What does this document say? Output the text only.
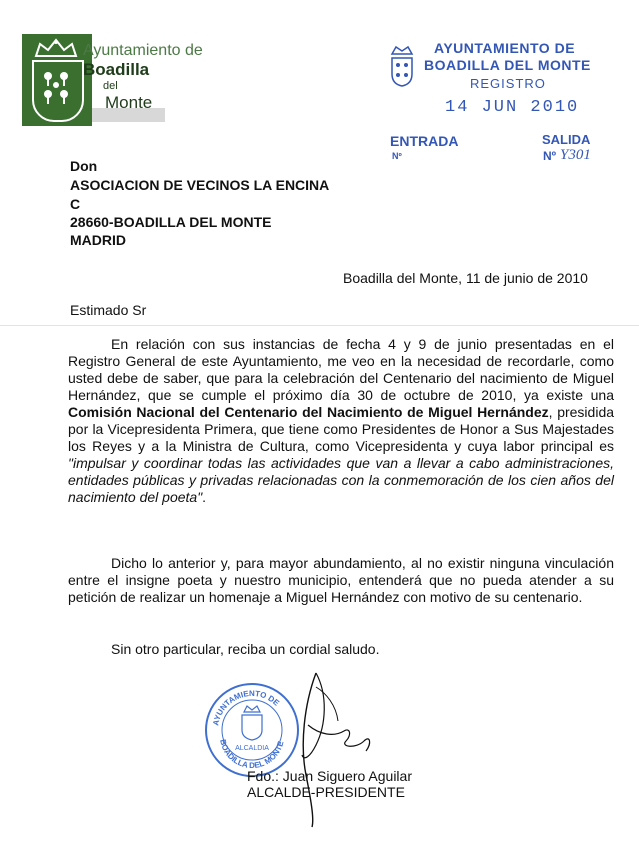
Ayuntamiento de
Boadilla
del
Monte
AYUNTAMIENTO DE
BOADILLA DEL MONTE
REGISTRO
14 JUN 2010
ENTRADA
Nº
SALIDA
Nº Y301
Don
ASOCIACION DE VECINOS LA ENCINA
C
28660-BOADILLA DEL MONTE
MADRID
Boadilla del Monte, 11 de junio de 2010
Estimado Sr
En relación con sus instancias de fecha 4 y 9 de junio presentadas en el Registro General de este Ayuntamiento, me veo en la necesidad de recordarle, como usted debe de saber, que para la celebración del Centenario del nacimiento de Miguel Hernández, que se cumple el próximo día 30 de octubre de 2010, ya existe una Comisión Nacional del Centenario del Nacimiento de Miguel Hernández, presidida por la Vicepresidenta Primera, que tiene como Presidentes de Honor a Sus Majestades los Reyes y a la Ministra de Cultura, como Vicepresidenta y cuya labor principal es "impulsar y coordinar todas las actividades que van a llevar a cabo administraciones, entidades públicas y privadas relacionadas con la conmemoración de los cien años del nacimiento del poeta".
Dicho lo anterior y, para mayor abundamiento, al no existir ninguna vinculación entre el insigne poeta y nuestro municipio, entenderá que no pueda atender a su petición de realizar un homenaje a Miguel Hernández con motivo de su centenario.
Sin otro particular, reciba un cordial saludo.
AYUNTAMIENTO DE
BOADILLA DEL MONTE
ALCALDIA
Fdo.: Juan Siguero Aguilar
ALCALDE-PRESIDENTE
